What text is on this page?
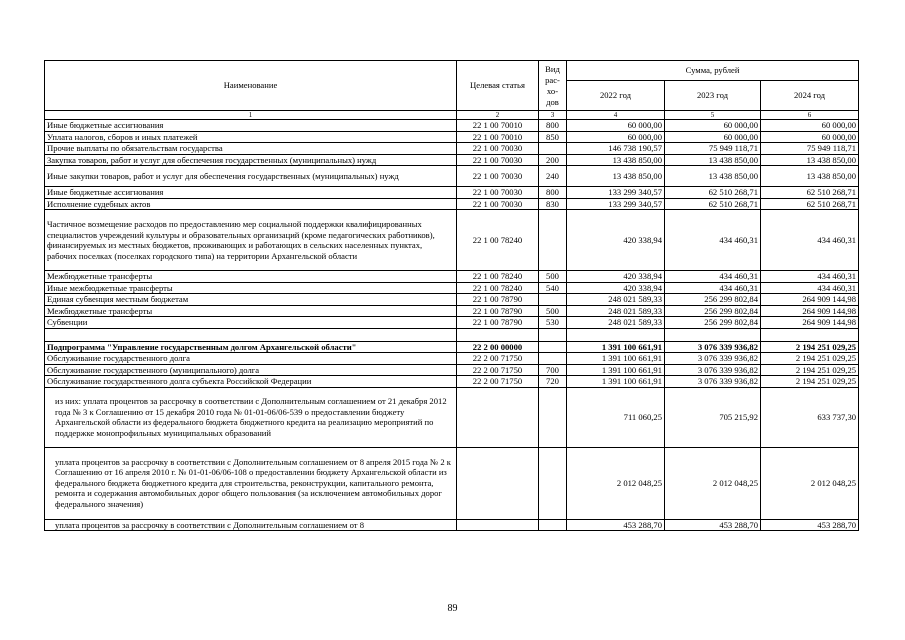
Наименование	Целевая статья	Вид рас-хо-дов	Сумма, рублей		
			2022 год	2023 год	2024 год
1	2	3	4	5	6
Иные бюджетные ассигнования	22 1 00 70010	800	60 000,00	60 000,00	60 000,00
Уплата налогов, сборов и иных платежей	22 1 00 70010	850	60 000,00	60 000,00	60 000,00
Прочие выплаты по обязательствам государства	22 1 00 70030		146 738 190,57	75 949 118,71	75 949 118,71
Закупка товаров, работ и услуг для обеспечения государственных (муниципальных) нужд	22 1 00 70030	200	13 438 850,00	13 438 850,00	13 438 850,00
Иные закупки товаров, работ и услуг для обеспечения государственных (муниципальных) нужд	22 1 00 70030	240	13 438 850,00	13 438 850,00	13 438 850,00
Иные бюджетные ассигнования	22 1 00 70030	800	133 299 340,57	62 510 268,71	62 510 268,71
Исполнение судебных актов	22 1 00 70030	830	133 299 340,57	62 510 268,71	62 510 268,71
Частичное возмещение расходов по предоставлению мер социальной поддержки квалифицированных специалистов учреждений культуры и образовательных организаций (кроме педагогических работников), финансируемых из местных бюджетов, проживающих и работающих в сельских населенных пунктах, рабочих поселках (поселках городского типа) на территории Архангельской области	22 1 00 78240		420 338,94	434 460,31	434 460,31
Межбюджетные трансферты	22 1 00 78240	500	420 338,94	434 460,31	434 460,31
Иные межбюджетные трансферты	22 1 00 78240	540	420 338,94	434 460,31	434 460,31
Единая субвенция местным бюджетам	22 1 00 78790		248 021 589,33	256 299 802,84	264 909 144,98
Межбюджетные трансферты	22 1 00 78790	500	248 021 589,33	256 299 802,84	264 909 144,98
Субвенции	22 1 00 78790	530	248 021 589,33	256 299 802,84	264 909 144,98

Подпрограмма "Управление государственным долгом Архангельской области"	22 2 00 00000		1 391 100 661,91	3 076 339 936,82	2 194 251 029,25
Обслуживание государственного долга	22 2 00 71750		1 391 100 661,91	3 076 339 936,82	2 194 251 029,25
Обслуживание государственного (муниципального) долга	22 2 00 71750	700	1 391 100 661,91	3 076 339 936,82	2 194 251 029,25
Обслуживание государственного долга субъекта Российской Федерации	22 2 00 71750	720	1 391 100 661,91	3 076 339 936,82	2 194 251 029,25
из них: уплата процентов за рассрочку в соответствии с Дополнительным соглашением от 21 декабря 2012 года № 3 к Соглашению от 15 декабря 2010 года № 01-01-06/06-539 о предоставлении бюджету Архангельской области из федерального бюджета бюджетного кредита на реализацию мероприятий по поддержке монопрофильных муниципальных образований			711 060,25	705 215,92	633 737,30
уплата процентов за рассрочку в соответствии с Дополнительным соглашением от 8 апреля 2015 года № 2 к Соглашению от 16 апреля 2010 г. № 01-01-06/06-108 о предоставлении бюджету Архангельской области из федерального бюджета бюджетного кредита для строительства, реконструкции, капитального ремонта, ремонта и содержания автомобильных дорог общего пользования (за исключением автомобильных дорог федерального значения)			2 012 048,25	2 012 048,25	2 012 048,25
уплата процентов за рассрочку в соответствии с Дополнительным соглашением от 8			453 288,70	453 288,70	453 288,70
89
